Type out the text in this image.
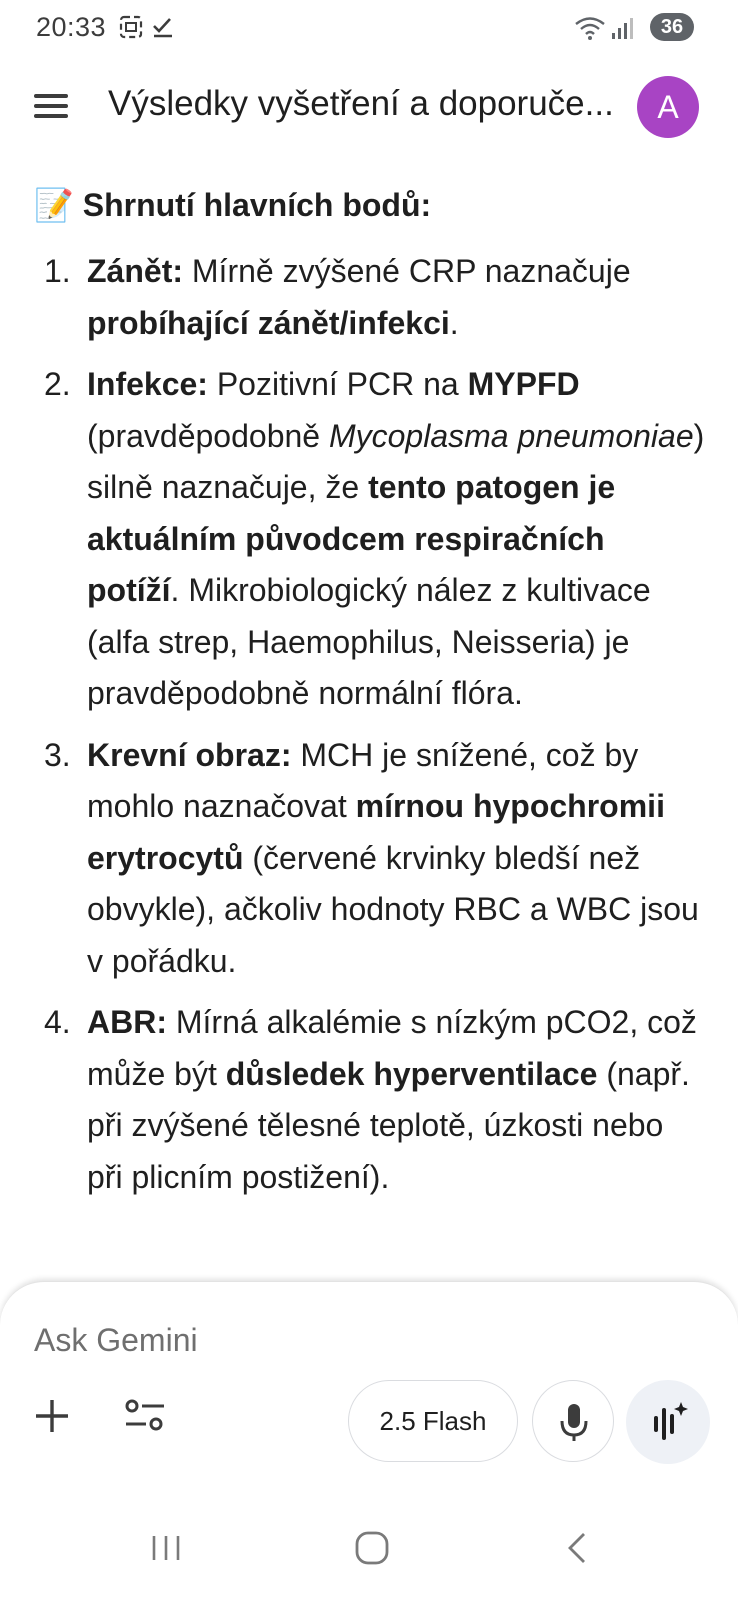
20:33	36
Výsledky vyšetření a doporuče...	A
📝 Shrnutí hlavních bodů:
1. Zánět: Mírně zvýšené CRP naznačuje probíhající zánět/infekci.
2. Infekce: Pozitivní PCR na MYPFD (pravděpodobně Mycoplasma pneumoniae) silně naznačuje, že tento patogen je aktuálním původcem respiračních potíží. Mikrobiologický nález z kultivace (alfa strep, Haemophilus, Neisseria) je pravděpodobně normální flóra.
3. Krevní obraz: MCH je snížené, což by mohlo naznačovat mírnou hypochromii erytrocytů (červené krvinky bledší než obvykle), ačkoliv hodnoty RBC a WBC jsou v pořádku.
4. ABR: Mírná alkalémie s nízkým pCO2, což může být důsledek hyperventilace (např. při zvýšené tělesné teplotě, úzkosti nebo při plicním postižení).
Ask Gemini
2.5 Flash
